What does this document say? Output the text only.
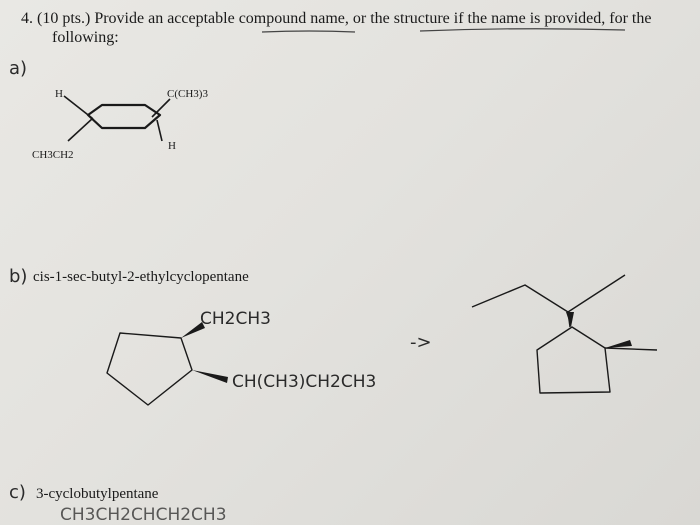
4. (10 pts.) Provide an acceptable compound name, or the structure if the name is provided, for the
following:
a)
H	C(CH3)3
H
CH3CH2
b) cis-1-sec-butyl-2-ethylcyclopentane
CH2CH3
CH(CH3)CH2CH3
->
c) 3-cyclobutylpentane
CH3CH2CHCH2CH3
